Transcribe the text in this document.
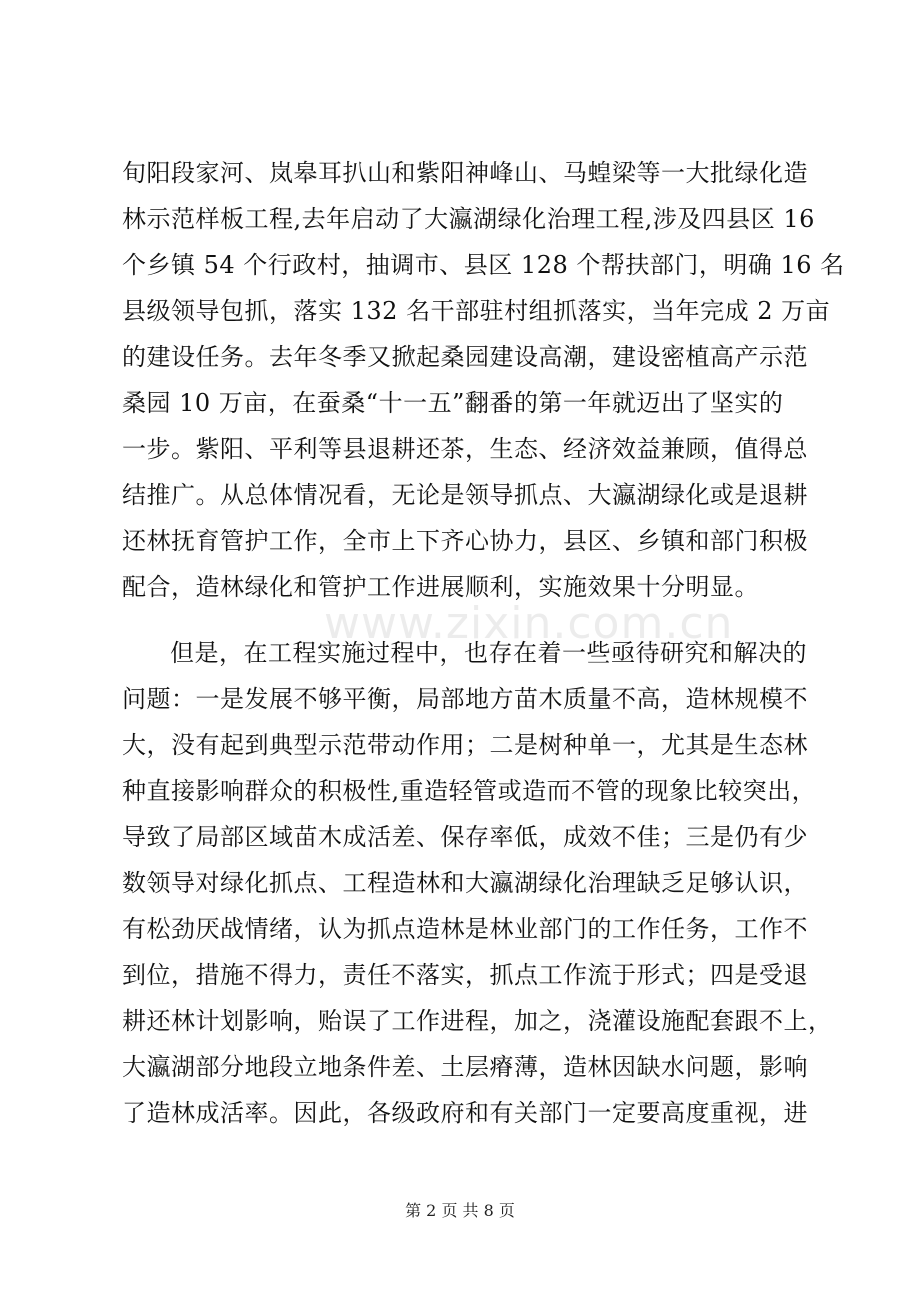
旬阳段家河、岚皋耳扒山和紫阳神峰山、马蝗梁等一大批绿化造
林示范样板工程,去年启动了大瀛湖绿化治理工程,涉及四县区 16
个乡镇 54 个行政村，抽调市、县区 128 个帮扶部门，明确 16 名
县级领导包抓，落实 132 名干部驻村组抓落实，当年完成 2 万亩
的建设任务。去年冬季又掀起桑园建设高潮，建设密植高产示范
桑园 10 万亩，在蚕桑“十一五”翻番的第一年就迈出了坚实的
一步。紫阳、平利等县退耕还茶，生态、经济效益兼顾，值得总
结推广。从总体情况看，无论是领导抓点、大瀛湖绿化或是退耕
还林抚育管护工作，全市上下齐心协力，县区、乡镇和部门积极
配合，造林绿化和管护工作进展顺利，实施效果十分明显。
但是，在工程实施过程中，也存在着一些亟待研究和解决的
问题：一是发展不够平衡，局部地方苗木质量不高，造林规模不
大，没有起到典型示范带动作用；二是树种单一，尤其是生态林
种直接影响群众的积极性,重造轻管或造而不管的现象比较突出，
导致了局部区域苗木成活差、保存率低，成效不佳；三是仍有少
数领导对绿化抓点、工程造林和大瀛湖绿化治理缺乏足够认识，
有松劲厌战情绪，认为抓点造林是林业部门的工作任务，工作不
到位，措施不得力，责任不落实，抓点工作流于形式；四是受退
耕还林计划影响，贻误了工作进程，加之，浇灌设施配套跟不上，
大瀛湖部分地段立地条件差、土层瘠薄，造林因缺水问题，影响
了造林成活率。因此，各级政府和有关部门一定要高度重视，进
www.zixin.com.cn
第 2 页 共 8 页
